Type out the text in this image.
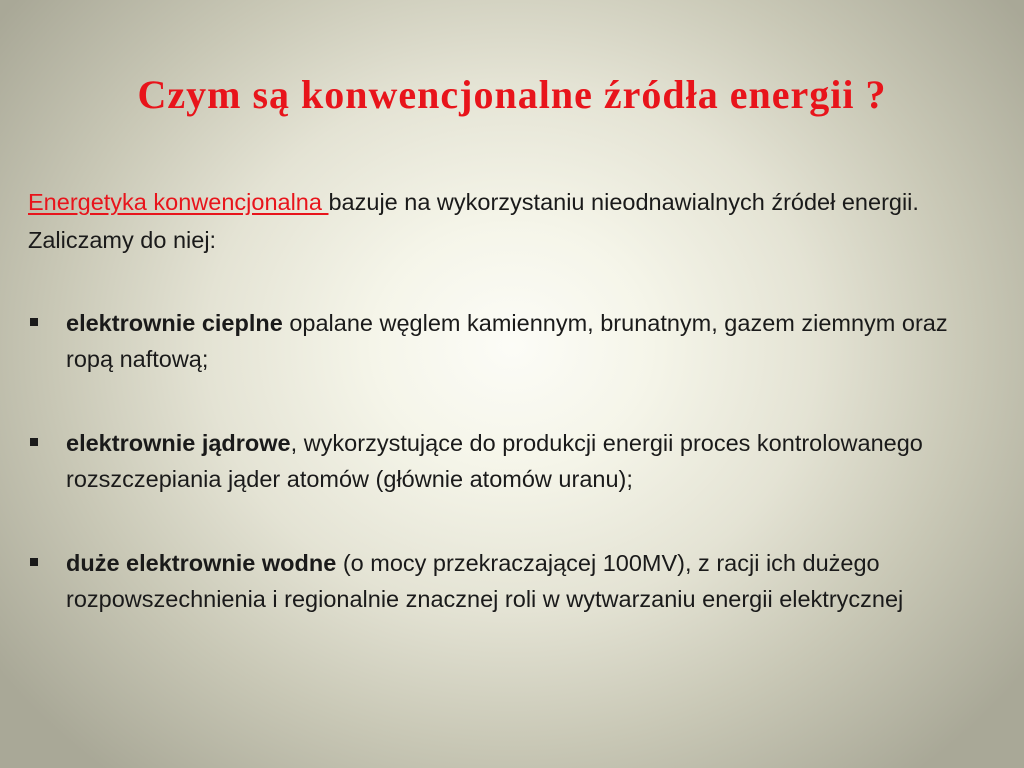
Czym są konwencjonalne źródła energii ?

Energetyka konwencjonalna bazuje na wykorzystaniu nieodnawialnych źródeł energii. Zaliczamy do niej:

elektrownie cieplne opalane węglem kamiennym, brunatnym, gazem ziemnym oraz ropą naftową;
elektrownie jądrowe, wykorzystujące do produkcji energii proces kontrolowanego rozszczepiania jąder atomów (głównie atomów uranu);
duże elektrownie wodne (o mocy przekraczającej 100MV), z racji ich dużego rozpowszechnienia i regionalnie znacznej roli w wytwarzaniu energii elektrycznej
